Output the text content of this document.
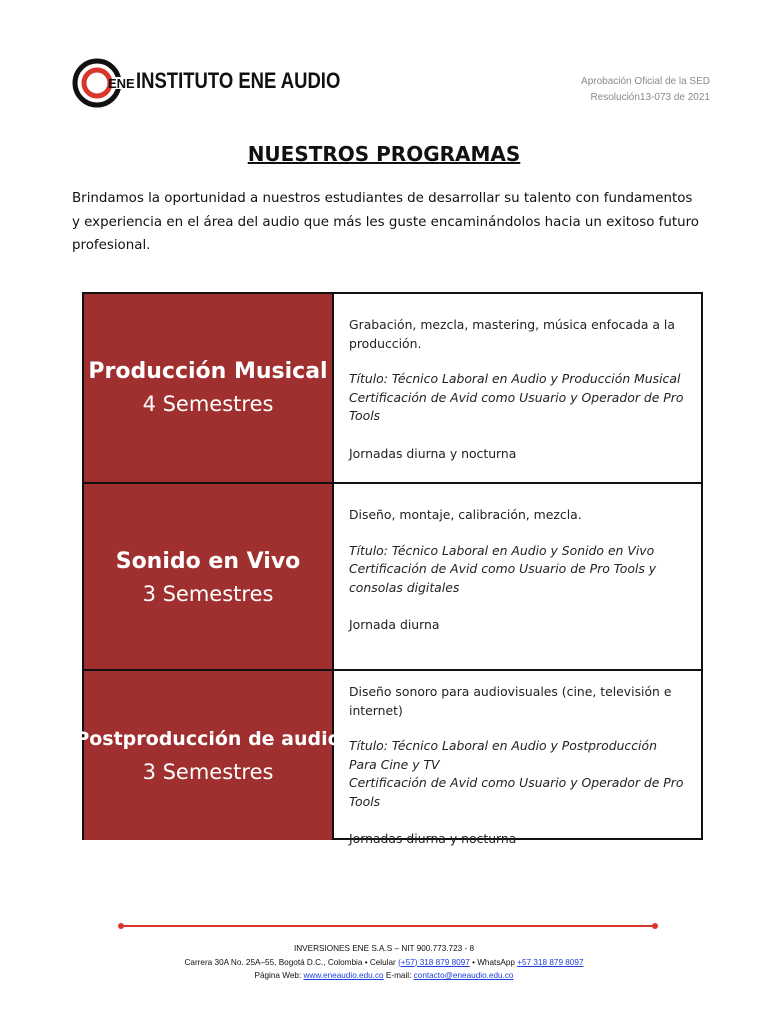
ENE INSTITUTO ENE AUDIO	Aprobación Oficial de la SED
Resolución13-073 de 2021
NUESTROS PROGRAMAS
Brindamos la oportunidad a nuestros estudiantes de desarrollar su talento con fundamentos y experiencia en el área del audio que más les guste encaminándolos hacia un exitoso futuro profesional.
Producción Musical
4 Semestres

Grabación, mezcla, mastering, música enfocada a la producción.

Título: Técnico Laboral en Audio y Producción Musical

Certificación de Avid como Usuario y Operador de Pro Tools

Jornadas diurna y nocturna
Sonido en Vivo
3 Semestres

Diseño, montaje, calibración, mezcla.

Título: Técnico Laboral en Audio y Sonido en Vivo

Certificación de Avid como Usuario de Pro Tools y consolas digitales

Jornada diurna
Postproducción de audio
3 Semestres

Diseño sonoro para audiovisuales (cine, televisión e internet)

Título: Técnico Laboral en Audio y Postproducción Para Cine y TV

Certificación de Avid como Usuario y Operador de Pro Tools

Jornadas diurna y nocturna
INVERSIONES ENE S.A.S – NIT 900.773.723 - 8
Carrera 30A No. 25A–55, Bogotá D.C., Colombia • Celular (+57) 318 879 8097 • WhatsApp +57 318 879 8097
Página Web: www.eneaudio.edu.co E-mail: contacto@eneaudio.edu.co
